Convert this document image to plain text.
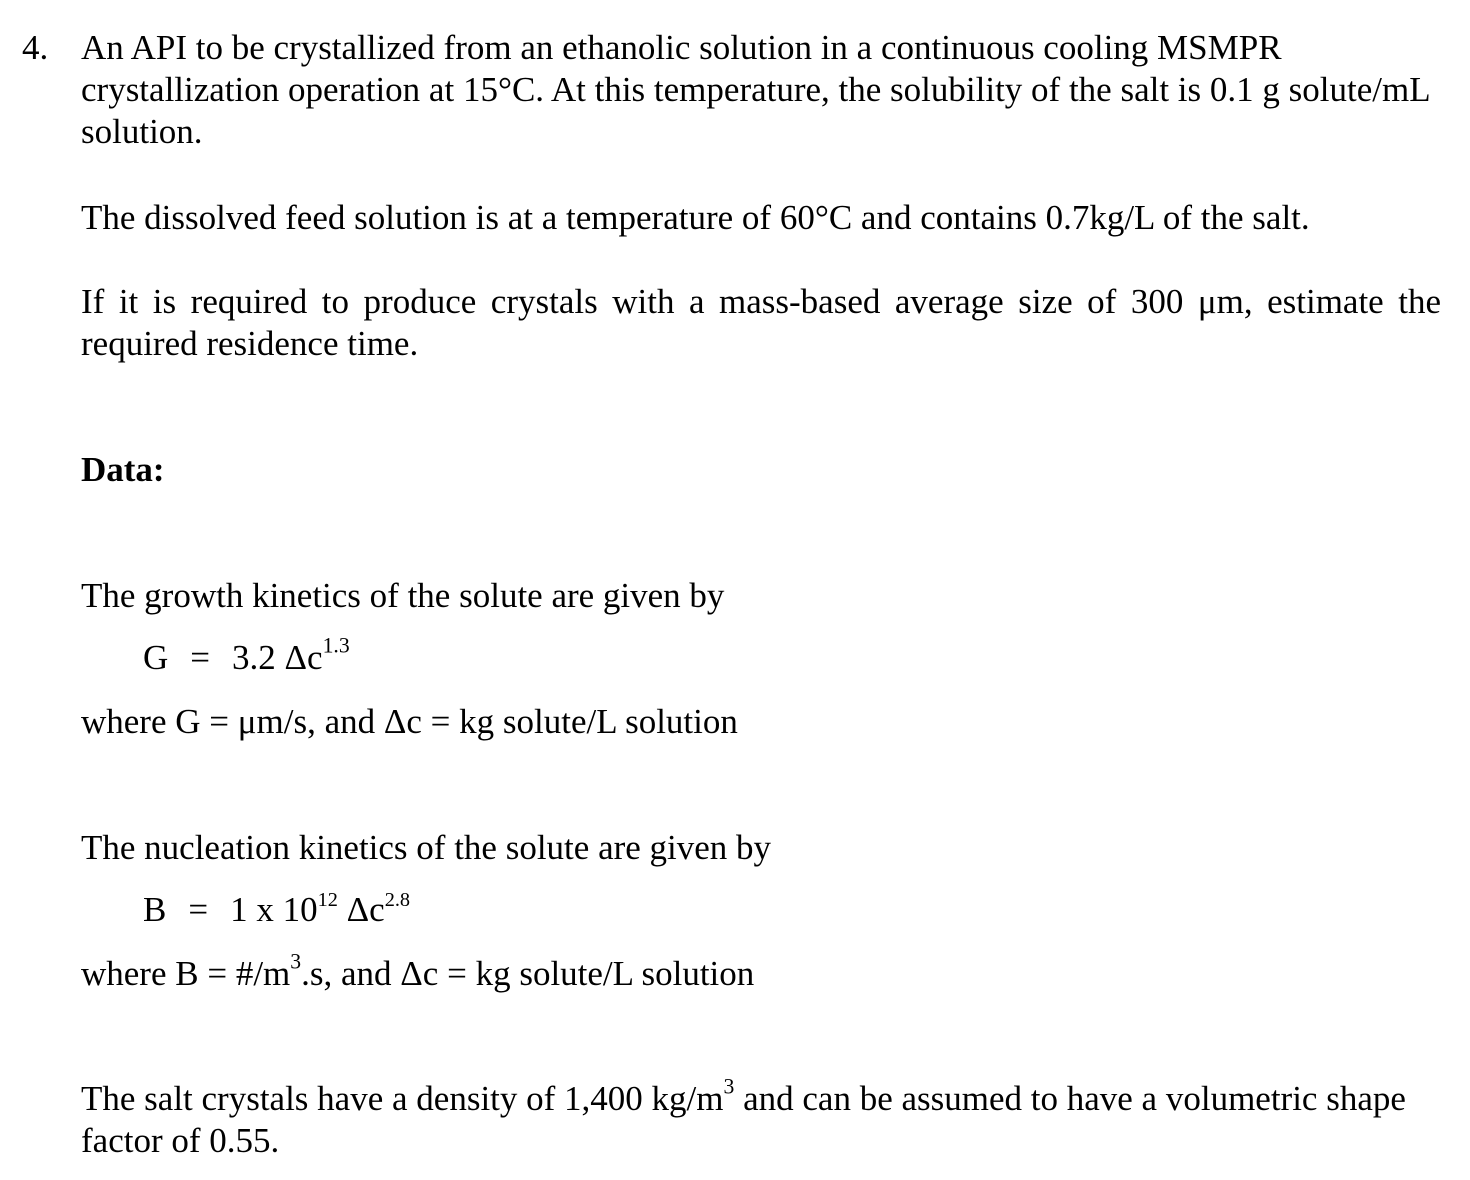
4. An API to be crystallized from an ethanolic solution in a continuous cooling MSMPR crystallization operation at 15°C. At this temperature, the solubility of the salt is 0.1 g solute/mL solution.
The dissolved feed solution is at a temperature of 60°C and contains 0.7kg/L of the salt.
If it is required to produce crystals with a mass-based average size of 300 μm, estimate the required residence time.
Data:
The growth kinetics of the solute are given by
G = 3.2 $\Delta c^{1.3}$
where G = μm/s, and Δc = kg solute/L solution
The nucleation kinetics of the solute are given by
B = 1 x $10^{12}$ $\Delta c^{2.8}$
where $B = \#/m^3.s$, and Δc = kg solute/L solution
The salt crystals have a density of 1,400 $kg/m^3$ and can be assumed to have a volumetric shape factor of 0.55.
